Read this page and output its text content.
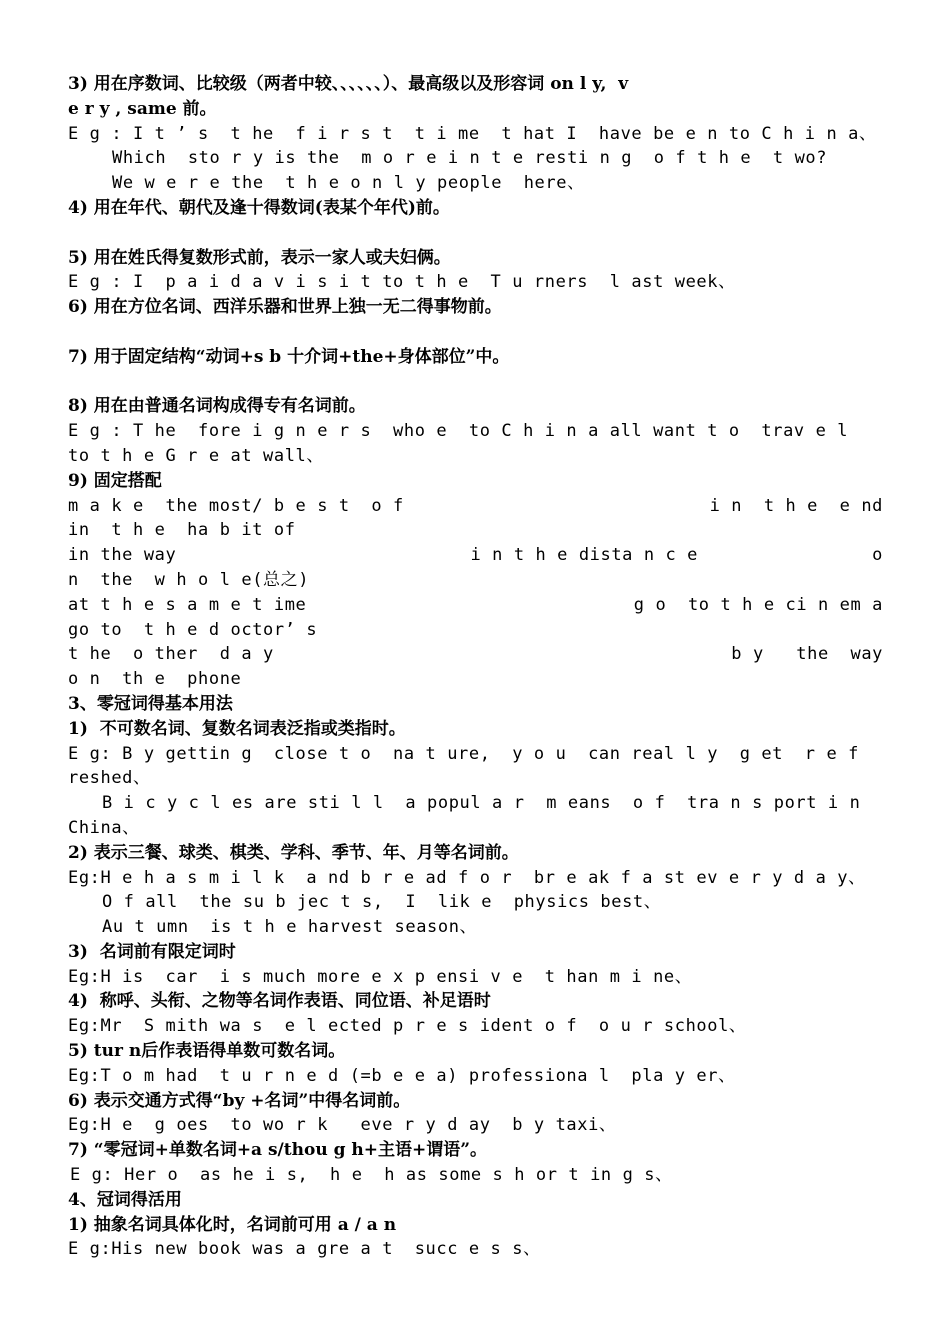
3) 用在序数词、比较级（两者中较、、、、、、）、最高级以及形容词 on l y,  v
e r y , same 前。
E g : I t ’ s  t he  f i r s t  t i me  t hat I  have be e n to C h i n a、
Which  sto r y is the  m o r e i n t e resti n g  o f t h e  t wo?
We w e r e the  t h e o n l y people  here、
4) 用在年代、朝代及逢十得数词(表某个年代)前。

5) 用在姓氏得复数形式前，表示一家人或夫妇俩。
E g : I  p a i d a v i s i t to t h e  T u rners  l ast week、
6) 用在方位名词、西洋乐器和世界上独一无二得事物前。

7) 用于固定结构“动词+s b 十介词+the+身体部位”中。

8) 用在由普通名词构成得专有名词前。
E g : T he  fore i g n e r s  who e  to C h i n a all want t o  trav e l
to t h e G r e at wall、
9) 固定搭配
m a k e  the most/ b e s t  o f	i n  t h e  e nd
in  t h e  ha b it of
in the way	i n t h e dista n c e	o
n  the  w h o l e(总之)
at t h e s a m e t ime	g o  to t h e ci n em a
go to  t h e d octor’ s
t he  o ther  d a y	b y   the  way
o n  th e  phone
3、零冠词得基本用法
1)  不可数名词、复数名词表泛指或类指时。
E g: B y gettin g  close t o  na t ure,  y o u  can real l y  g et  r e f
reshed、
B i c y c l es are sti l l  a popul a r  m eans  o f  tra n s port i n
China、
2) 表示三餐、球类、棋类、学科、季节、年、月等名词前。
Eg:H e h a s m i l k  a nd b r e ad f o r  br e ak f a st ev e r y d a y、
O f all  the su b jec t s,  I  lik e  physics best、
Au t umn  is t h e harvest season、
3)  名词前有限定词时
Eg:H is  car  i s much more e x p ensi v e  t han m i ne、
4)  称呼、头衔、之物等名词作表语、同位语、补足语时
Eg:Mr  S mith wa s  e l ected p r e s ident o f  o u r school、
5) tur n后作表语得单数可数名词。
Eg:T o m had  t u r n e d (=b e e a) professiona l  pla y er、
6) 表示交通方式得“by +名词”中得名词前。
Eg:H e  g oes  to wo r k   eve r y d ay  b y taxi、
7) “零冠词+单数名词+a s/thou g h+主语+谓语”。
E g: Her o  as he i s,  h e  h as some s h or t in g s、
4、冠词得活用
1) 抽象名词具体化时，名词前可用 a / a n
E g:His new book was a gre a t  succ e s s、
